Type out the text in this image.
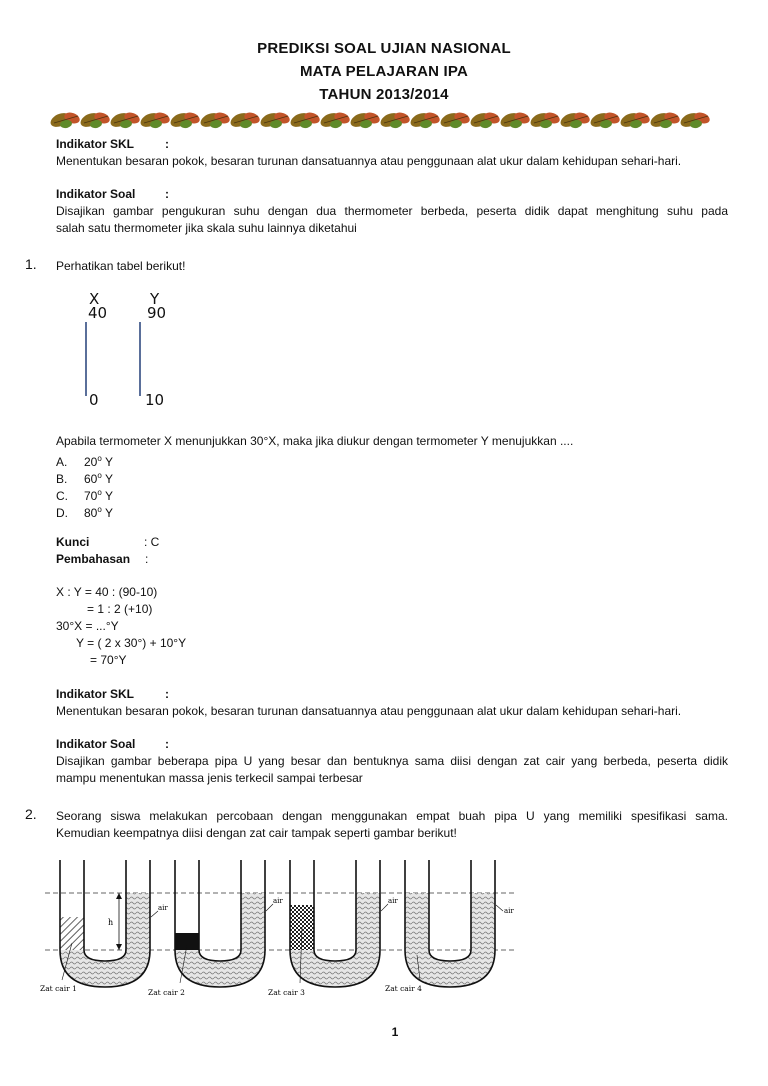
PREDIKSI SOAL UJIAN NASIONAL
MATA PELAJARAN IPA
TAHUN 2013/2014
Indikator SKL	:
Menentukan besaran pokok, besaran turunan dansatuannya atau penggunaan alat ukur dalam kehidupan sehari-hari.
Indikator Soal :
Disajikan gambar pengukuran suhu dengan dua thermometer berbeda, peserta didik dapat menghitung suhu pada
salah satu thermometer jika skala suhu lainnya diketahui
1. Perhatikan tabel berikut!
X
40
0
Y
90
10
Apabila termometer X menunjukkan 30°X, maka jika diukur dengan termometer Y menujukkan ....
A. 20$^o$ Y
B. 60$^o$ Y
C. 70$^o$ Y
D. 80$^o$ Y
Kunci	: C
Pembahasan :
X : Y = 40 : (90-10)
= 1 : 2 (+10)
30°X = ...°Y
Y = ( 2 x 30°) + 10°Y
= 70°Y
Indikator SKL	:
Menentukan besaran pokok, besaran turunan dansatuannya atau penggunaan alat ukur dalam kehidupan sehari-hari.
Indikator Soal :
Disajikan gambar beberapa pipa U yang besar dan bentuknya sama diisi dengan zat cair yang berbeda, peserta didik
mampu menentukan massa jenis terkecil sampai terbesar
2. Seorang siswa melakukan percobaan dengan menggunakan empat buah pipa U yang memiliki spesifikasi sama.
Kemudian keempatnya diisi dengan zat cair tampak seperti gambar berikut!
h
air
air	air
air
Zat cair 1	Zat cair 2	Zat cair 3	Zat cair 4
1
